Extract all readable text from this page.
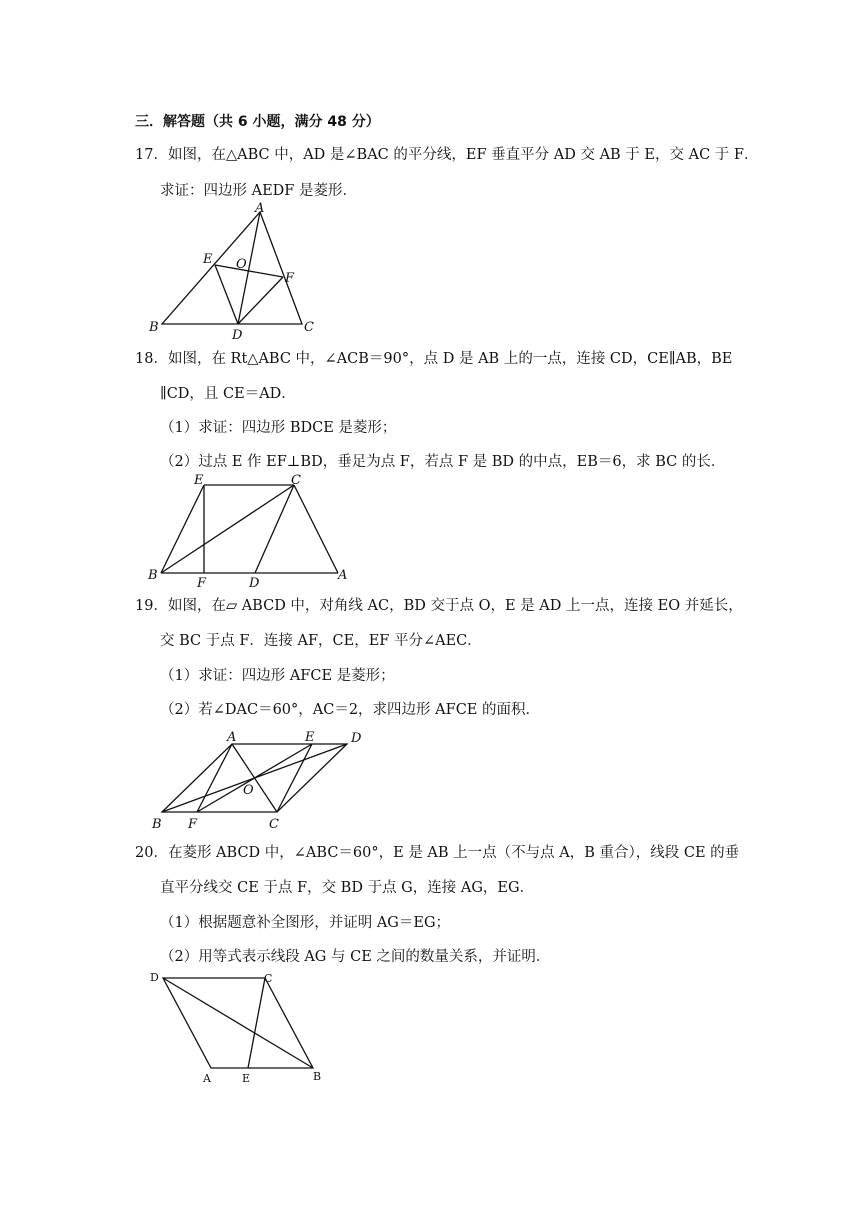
三．解答题（共 6 小题，满分 48 分）
17．如图，在△ABC 中，AD 是∠BAC 的平分线，EF 垂直平分 AD 交 AB 于 E，交 AC 于 F．
求证：四边形 AEDF 是菱形．
A
E O
F
B
D
C
18．如图，在 Rt△ABC 中，∠ACB＝90°，点 D 是 AB 上的一点，连接 CD，CE∥AB，BE
∥CD，且 CE＝AD．
（1）求证：四边形 BDCE 是菱形；
（2）过点 E 作 EF⊥BD，垂足为点 F，若点 F 是 BD 的中点，EB＝6，求 BC 的长．
E	C
B
F	D
A
19．如图，在▱ ABCD 中，对角线 AC，BD 交于点 O，E 是 AD 上一点，连接 EO 并延长，
交 BC 于点 F．连接 AF，CE，EF 平分∠AEC．
（1）求证：四边形 AFCE 是菱形；
（2）若∠DAC＝60°，AC＝2，求四边形 AFCE 的面积．
A	E	D
O
B F	C
20．在菱形 ABCD 中，∠ABC＝60°，E 是 AB 上一点（不与点 A，B 重合），线段 CE 的垂
直平分线交 CE 于点 F，交 BD 于点 G，连接 AG，EG．
（1）根据题意补全图形，并证明 AG＝EG；
（2）用等式表示线段 AG 与 CE 之间的数量关系，并证明．
D	C
A	E	B
